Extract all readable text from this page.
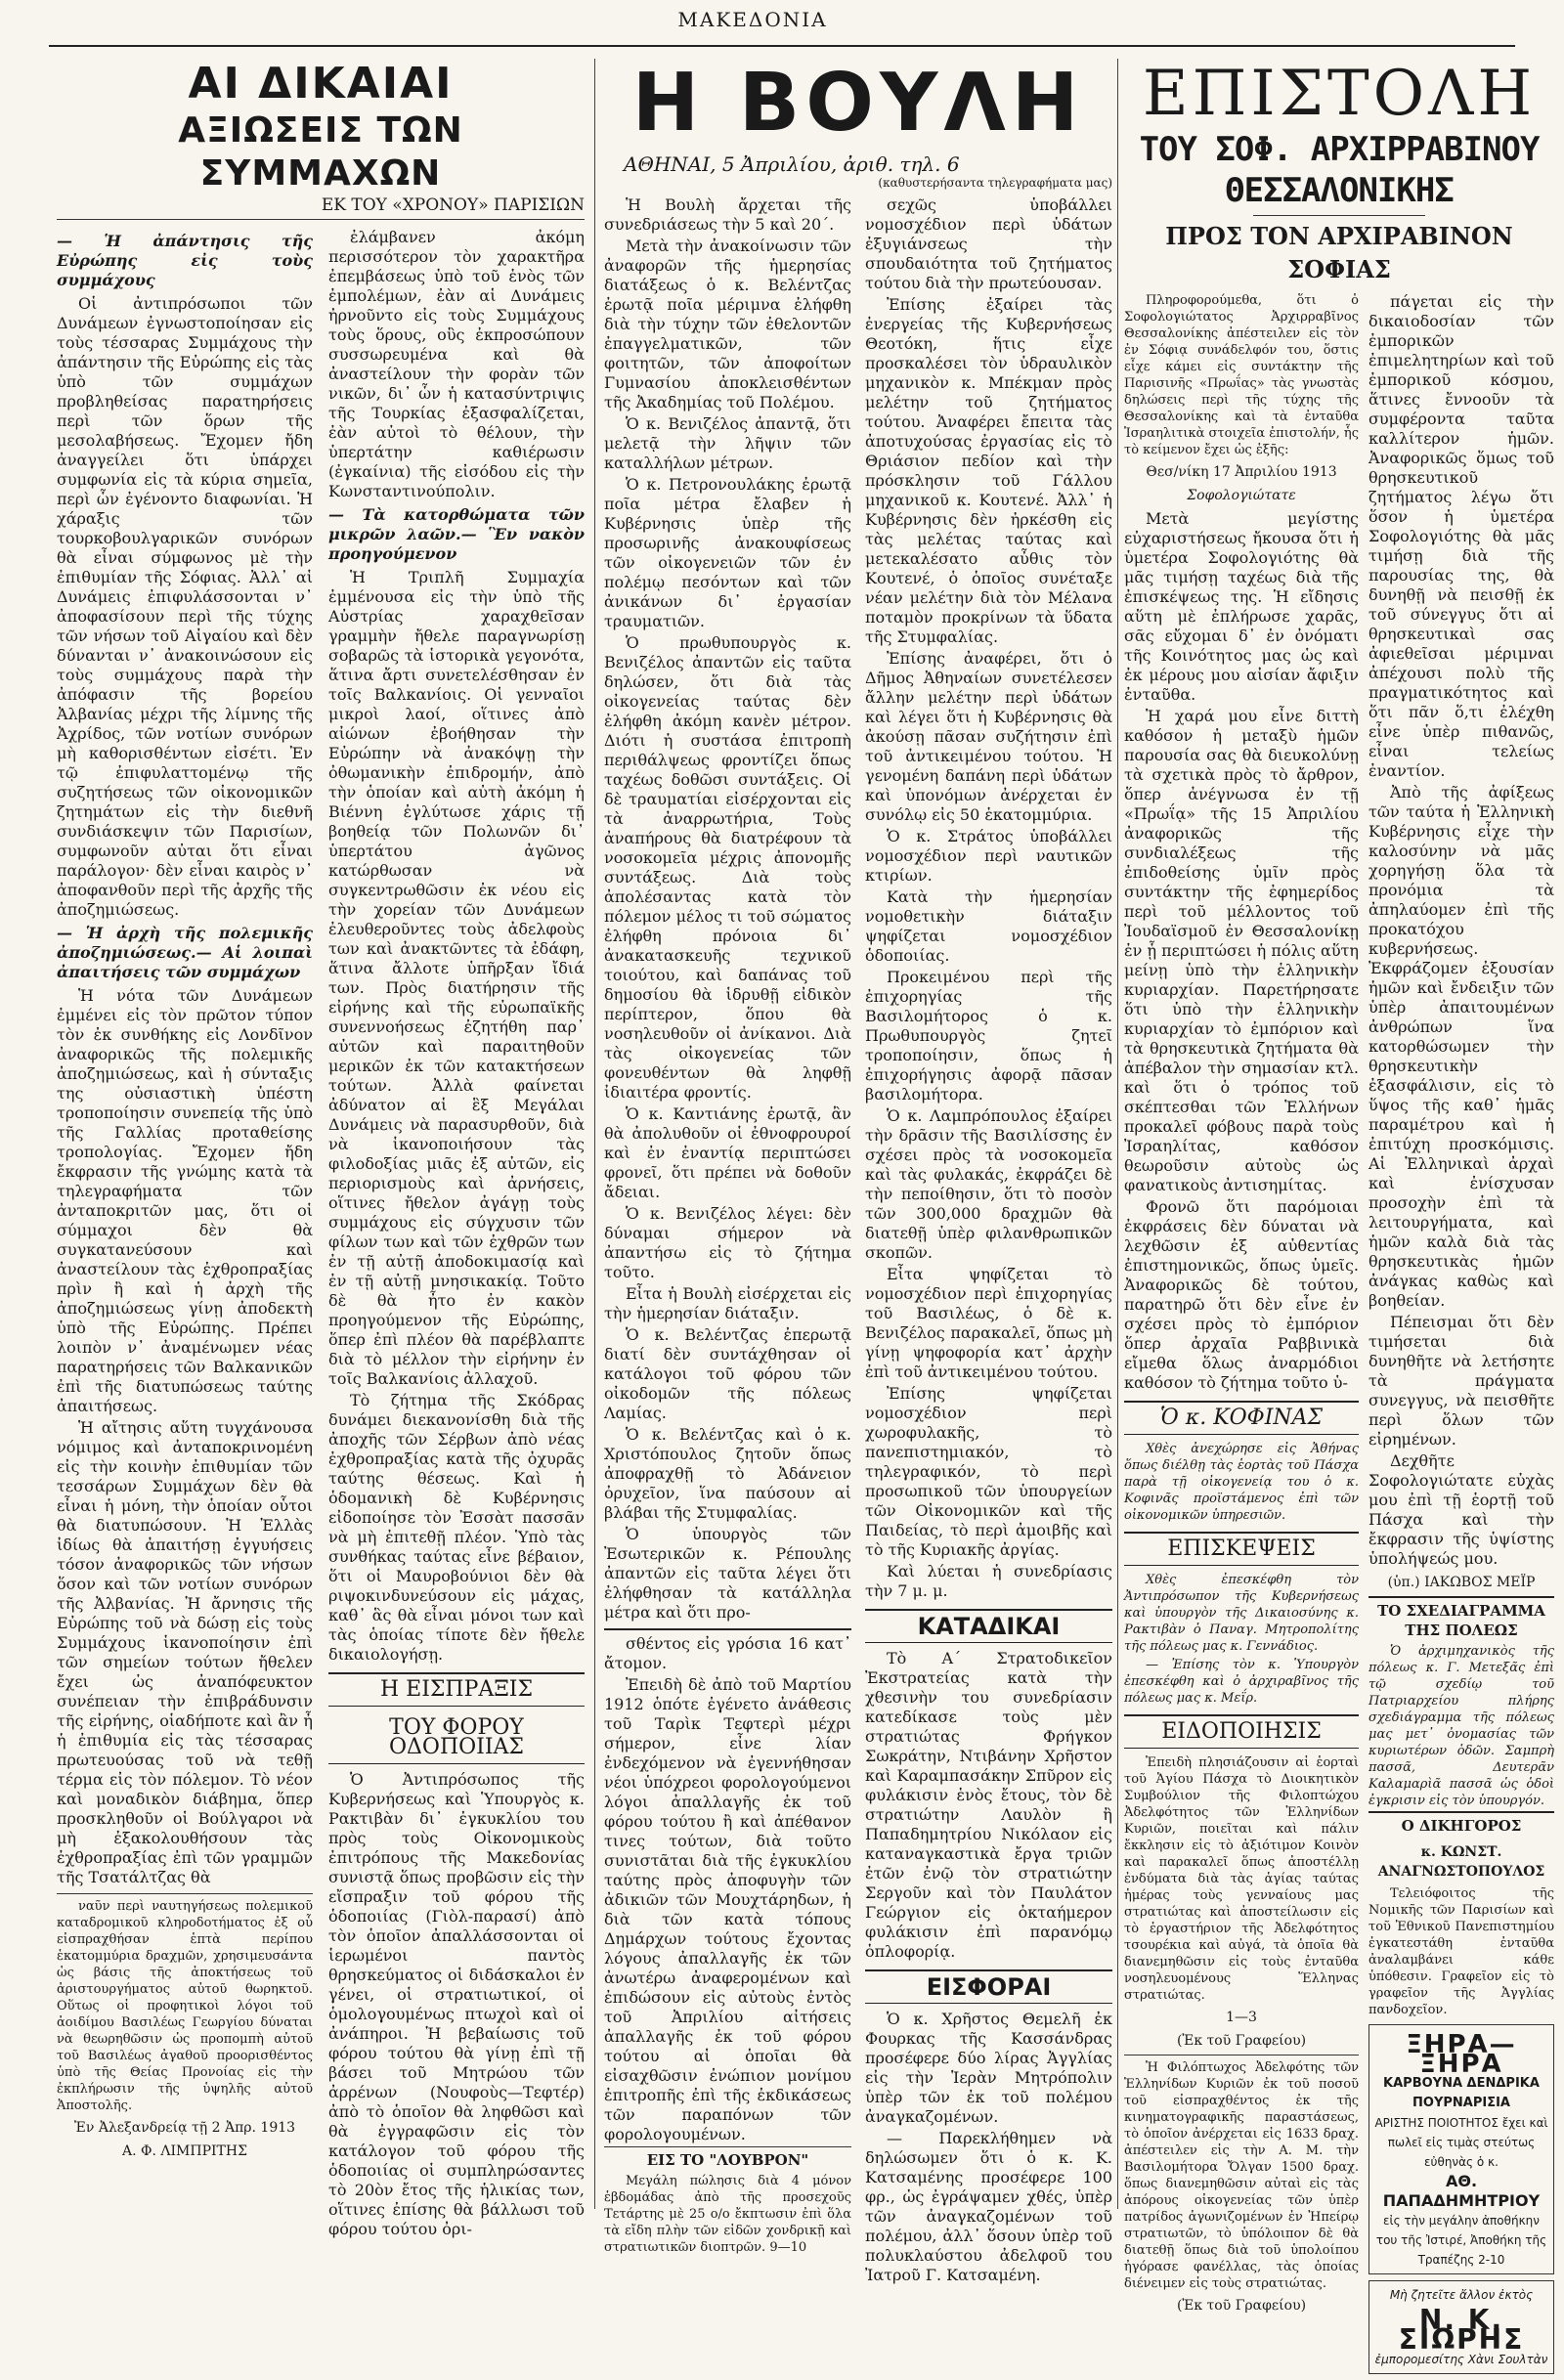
ΜΑΚΕΔΟΝΙΑ
ΑΙ ΔΙΚΑΙΑΙ
ΑΞΙΩΣΕΙΣ ΤΩΝ ΣΥΜΜΑΧΩΝ
ΕΚ ΤΟΥ «ΧΡΟΝΟΥ» ΠΑΡΙΣΙΩΝ
— Ἡ ἀπάντησις τῆς Εὐρώπης εἰς τοὺς συμμάχους

Οἱ ἀντιπρόσωποι τῶν Δυνάμεων ἐγνωστοποίησαν εἰς τοὺς τέσσαρας Συμμάχους τὴν ἀπάντησιν τῆς Εὐρώπης εἰς τὰς ὑπὸ τῶν συμμάχων προβληθείσας παρατηρήσεις περὶ τῶν ὅρων τῆς μεσολαβήσεως. Ἔχομεν ἤδη ἀναγγείλει ὅτι ὑπάρχει συμφωνία εἰς τὰ κύρια σημεῖα, περὶ ὧν ἐγένοντο διαφωνίαι. Ἡ χάραξις τῶν τουρκοβουλγαρικῶν συνόρων θὰ εἶναι σύμφωνος μὲ τὴν ἐπιθυμίαν τῆς Σόφιας. Ἀλλ᾽ αἱ Δυνάμεις ἐπιφυλάσσονται ν᾽ ἀποφασίσουν περὶ τῆς τύχης τῶν νήσων τοῦ Αἰγαίου καὶ δὲν δύνανται ν᾽ ἀνακοινώσουν εἰς τοὺς συμμάχους παρὰ τὴν ἀπόφασιν τῆς βορείου Ἀλβανίας μέχρι τῆς λίμνης τῆς Ἀχρίδος, τῶν νοτίων συνόρων μὴ καθορισθέντων εἰσέτι. Ἐν τῷ ἐπιφυλαττομένῳ τῆς συζητήσεως τῶν οἰκονομικῶν ζητημάτων εἰς τὴν διεθνῆ συνδιάσκεψιν τῶν Παρισίων, συμφωνοῦν αὐται ὅτι εἶναι παράλογον· δὲν εἶναι καιρὸς ν᾽ ἀποφανθοῦν περὶ τῆς ἀρχῆς τῆς ἀποζημιώσεως.

— Ἡ ἀρχὴ τῆς πολεμικῆς ἀποζημιώσεως.— Αἱ λοιπαὶ ἀπαιτήσεις τῶν συμμάχων

Ἡ νότα τῶν Δυνάμεων ἐμμένει εἰς τὸν πρῶτον τύπον τὸν ἐκ συνθήκης εἰς Λονδῖνον ἀναφορικῶς τῆς πολεμικῆς ἀποζημιώσεως, καὶ ἡ σύνταξις της οὐσιαστικὴ ὑπέστη τροποποίησιν συνεπείᾳ τῆς ὑπὸ τῆς Γαλλίας προταθείσης τροπολογίας. Ἔχομεν ἤδη ἔκφρασιν τῆς γνώμης κατὰ τὰ τηλεγραφήματα τῶν ἀνταποκριτῶν μας, ὅτι οἱ σύμμαχοι δὲν θὰ συγκατανεύσουν καὶ ἀναστείλουν τὰς ἐχθροπραξίας πρὶν ἢ καὶ ἡ ἀρχὴ τῆς ἀποζημιώσεως γίνῃ ἀποδεκτὴ ὑπὸ τῆς Εὐρώπης. Πρέπει λοιπὸν ν᾽ ἀναμένωμεν νέας παρατηρήσεις τῶν Βαλκανικῶν ἐπὶ τῆς διατυπώσεως ταύτης ἀπαιτήσεως.

Ἡ αἴτησις αὕτη τυγχάνουσα νόμιμος καὶ ἀνταποκρινομένη εἰς τὴν κοινὴν ἐπιθυμίαν τῶν τεσσάρων Συμμάχων δὲν θὰ εἶναι ἡ μόνη, τὴν ὁποίαν οὗτοι θὰ διατυπώσουν. Ἡ Ἑλλὰς ἰδίως θὰ ἀπαιτήσῃ ἐγγυήσεις τόσον ἀναφορικῶς τῶν νήσων ὅσον καὶ τῶν νοτίων συνόρων τῆς Ἀλβανίας. Ἡ ἄρνησις τῆς Εὐρώπης τοῦ νὰ δώσῃ εἰς τοὺς Συμμάχους ἱκανοποίησιν ἐπὶ τῶν σημείων τούτων ἤθελεν ἔχει ὡς ἀναπόφευκτον συνέπειαν τὴν ἐπιβράδυνσιν τῆς εἰρήνης, οἱαδήποτε καὶ ἂν ἦ ἡ ἐπιθυμία εἰς τὰς τέσσαρας πρωτευούσας τοῦ νὰ τεθῇ τέρμα εἰς τὸν πόλεμον. Τὸ νέον καὶ μοναδικὸν διάβημα, ὅπερ προσκληθοῦν οἱ Βούλγαροι νὰ μὴ ἐξακολουθήσουν τὰς ἐχθροπραξίας ἐπὶ τῶν γραμμῶν τῆς Τσατάλτζας θὰ

ναῦν περὶ ναυτηγήσεως πολεμικοῦ καταδρομικοῦ κληροδοτήματος ἐξ οὗ εἰσπραχθήσαν ἑπτὰ περίπου ἑκατομμύρια δραχμῶν, χρησιμευσάντα ὡς βάσις τῆς ἀποκτήσεως τοῦ ἀριστουργήματος αὐτοῦ θωρηκτοῦ. Οὕτως οἱ προφητικοὶ λόγοι τοῦ ἀοιδίμου Βασιλέως Γεωργίου δύναται νὰ θεωρηθῶσιν ὡς προπομπὴ αὐτοῦ τοῦ Βασιλέως ἀγαθοῦ προορισθέντος ὑπὸ τῆς Θείας Προνοίας εἰς τὴν ἐκπλήρωσιν τῆς ὑψηλῆς αὐτοῦ Ἀποστολῆς.

Ἐν Ἀλεξανδρείᾳ τῇ 2 Ἀπρ. 1913
Α. Φ. ΛΙΜΠΡΙΤΗΣ

ἐλάμβανεν ἀκόμη περισσότερον τὸν χαρακτῆρα ἐπεμβάσεως ὑπὸ τοῦ ἑνὸς τῶν ἐμπολέμων, ἐὰν αἱ Δυνάμεις ἠρνοῦντο εἰς τοὺς Συμμάχους τοὺς ὅρους, οὓς ἐκπροσώπουν συσσωρευμένα καὶ θὰ ἀναστείλουν τὴν φορὰν τῶν νικῶν, δι᾽ ὧν ἡ κατασύντριψις τῆς Τουρκίας ἐξασφαλίζεται, ἐὰν αὐτοὶ τὸ θέλουν, τὴν ὑπερτάτην καθιέρωσιν (ἐγκαίνια) τῆς εἰσόδου εἰς τὴν Κωνσταντινούπολιν.

— Τὰ κατορθώματα τῶν μικρῶν λαῶν.— Ἓν νακὸν προηγούμενον

Ἡ Τριπλῆ Συμμαχία ἐμμένουσα εἰς τὴν ὑπὸ τῆς Αὐστρίας χαραχθεῖσαν γραμμὴν ἤθελε παραγνωρίσῃ σοβαρῶς τὰ ἱστορικὰ γεγονότα, ἅτινα ἄρτι συνετελέσθησαν ἐν τοῖς Βαλκανίοις. Οἱ γενναῖοι μικροὶ λαοί, οἵτινες ἀπὸ αἰώνων ἐβοήθησαν τὴν Εὐρώπην νὰ ἀνακόψῃ τὴν ὀθωμανικὴν ἐπιδρομήν, ἀπὸ τὴν ὁποίαν καὶ αὐτὴ ἀκόμη ἡ Βιέννη ἐγλύτωσε χάρις τῇ βοηθείᾳ τῶν Πολωνῶν δι᾽ ὑπερτάτου ἀγῶνος κατώρθωσαν νὰ συγκεντρωθῶσιν ἐκ νέου εἰς τὴν χορείαν τῶν Δυνάμεων ἐλευθεροῦντες τοὺς ἀδελφοὺς των καὶ ἀνακτῶντες τὰ ἐδάφη, ἅτινα ἄλλοτε ὑπῆρξαν ἴδιά των. Πρὸς διατήρησιν τῆς εἰρήνης καὶ τῆς εὐρωπαϊκῆς συνεννοήσεως ἐζητήθη παρ᾽ αὐτῶν καὶ παραιτηθοῦν μερικῶν ἐκ τῶν κατακτήσεων τούτων. Ἀλλὰ φαίνεται ἀδύνατον αἱ ἓξ Μεγάλαι Δυνάμεις νὰ παρασυρθοῦν, διὰ νὰ ἱκανοποιήσουν τὰς φιλοδοξίας μιᾶς ἐξ αὐτῶν, εἰς περιορισμοὺς καὶ ἀρνήσεις, οἵτινες ἤθελον ἀγάγῃ τοὺς συμμάχους εἰς σύγχυσιν τῶν φίλων των καὶ τῶν ἐχθρῶν των ἐν τῇ αὐτῇ ἀποδοκιμασίᾳ καὶ ἐν τῇ αὐτῇ μνησικακίᾳ. Τοῦτο δὲ θὰ ἦτο ἐν κακὸν προηγούμενον τῆς Εὐρώπης, ὅπερ ἐπὶ πλέον θὰ παρέβλαπτε διὰ τὸ μέλλον τὴν εἰρήνην ἐν τοῖς Βαλκανίοις ἀλλαχοῦ.

Τὸ ζήτημα τῆς Σκόδρας δυνάμει διεκανονίσθη διὰ τῆς ἀποχῆς τῶν Σέρβων ἀπὸ νέας ἐχθροπραξίας κατὰ τῆς ὀχυρᾶς ταύτης θέσεως. Καὶ ἡ ὁδομανικὴ δὲ Κυβέρνησις εἰδοποίησε τὸν Ἐσσὰτ πασσᾶν νὰ μὴ ἐπιτεθῇ πλέον. Ὑπὸ τὰς συνθήκας ταύτας εἶνε βέβαιον, ὅτι οἱ Μαυροβούνιοι δὲν θὰ ριψοκινδυνεύσουν εἰς μάχας, καθ᾽ ἃς θὰ εἶναι μόνοι των καὶ τὰς ὁποίας τίποτε δὲν ἤθελε δικαιολογήσῃ.

Η ΕΙΣΠΡΑΞΙΣ
ΤΟΥ ΦΟΡΟΥ ΟΔΟΠΟΙΙΑΣ

Ὁ Ἀντιπρόσωπος τῆς Κυβερνήσεως καὶ Ὑπουργὸς κ. Ρακτιβὰν δι᾽ ἐγκυκλίου του πρὸς τοὺς Οἰκονομικοὺς ἐπιτρόπους τῆς Μακεδονίας συνιστᾷ ὅπως προβῶσιν εἰς τὴν εἴσπραξιν τοῦ φόρου τῆς ὁδοποιίας (Γιὸλ-παρασί) ἀπὸ τὸν ὁποῖον ἀπαλλάσσονται οἱ ἱερωμένοι παντὸς θρησκεύματος οἱ διδάσκαλοι ἐν γένει, οἱ στρατιωτικοί, οἱ ὁμολογουμένως πτωχοὶ καὶ οἱ ἀνάπηροι. Ἡ βεβαίωσις τοῦ φόρου τούτου θὰ γίνῃ ἐπὶ τῇ βάσει τοῦ Μητρώου τῶν ἀρρένων (Νουφοὺς—Τεφτέρ) ἀπὸ τὸ ὁποῖον θὰ ληφθῶσι καὶ θὰ ἐγγραφῶσιν εἰς τὸν κατάλογον τοῦ φόρου τῆς ὁδοποιίας οἱ συμπληρώσαντες τὸ 20ὸν ἔτος τῆς ἡλικίας των, οἵτινες ἐπίσης θὰ βάλλωσι τοῦ φόρου τούτου ὀρι-

Η ΒΟΥΛΗ
ΑΘΗΝΑΙ, 5 Ἀπριλίου, ἀριθ. τηλ. 6
(καθυστερήσαντα τηλεγραφήματα μας)

Ἡ Βουλὴ ἄρχεται τῆς συνεδριάσεως τὴν 5 καὶ 20΄.

Μετὰ τὴν ἀνακοίνωσιν τῶν ἀναφορῶν τῆς ἡμερησίας διατάξεως ὁ κ. Βελέντζας ἐρωτᾷ ποῖα μέριμνα ἐλήφθη διὰ τὴν τύχην τῶν ἐθελοντῶν ἐπαγγελματικῶν, τῶν φοιτητῶν, τῶν ἀποφοίτων Γυμνασίου ἀποκλεισθέντων τῆς Ἀκαδημίας τοῦ Πολέμου.

Ὁ κ. Βενιζέλος ἀπαντᾷ, ὅτι μελετᾷ τὴν λῆψιν τῶν καταλλήλων μέτρων.

Ὁ κ. Πετρονουλάκης ἐρωτᾷ ποῖα μέτρα ἔλαβεν ἡ Κυβέρνησις ὑπὲρ τῆς προσωρινῆς ἀνακουφίσεως τῶν οἰκογενειῶν τῶν ἐν πολέμῳ πεσόντων καὶ τῶν ἀνικάνων δι᾽ ἐργασίαν τραυματιῶν.

Ὁ πρωθυπουργὸς κ. Βενιζέλος ἀπαντῶν εἰς ταῦτα δηλώσεν, ὅτι διὰ τὰς οἰκογενείας ταύτας δὲν ἐλήφθη ἀκόμη κανὲν μέτρον. Διότι ἡ συστάσα ἐπιτροπὴ περιθάλψεως φροντίζει ὅπως ταχέως δοθῶσι συντάξεις. Οἱ δὲ τραυματίαι εἰσέρχονται εἰς τὰ ἀναρρωτήρια, Τοὺς ἀναπήρους θὰ διατρέφουν τὰ νοσοκομεῖα μέχρις ἀπονομῆς συντάξεως. Διὰ τοὺς ἀπολέσαντας κατὰ τὸν πόλεμον μέλος τι τοῦ σώματος ἐλήφθη πρόνοια δι᾽ ἀνακατασκευῆς τεχνικοῦ τοιούτου, καὶ δαπάνας τοῦ δημοσίου θὰ ἱδρυθῇ εἰδικὸν περίπτερον, ὅπου θὰ νοσηλευθοῦν οἱ ἀνίκανοι. Διὰ τὰς οἰκογενείας τῶν φονευθέντων θὰ ληφθῇ ἰδιαιτέρα φροντίς.

Ὁ κ. Καντιάνης ἐρωτᾷ, ἂν θὰ ἀπολυθοῦν οἱ ἐθνοφρουροί καὶ ἐν ἐναντίᾳ περιπτώσει φρονεῖ, ὅτι πρέπει νὰ δοθοῦν ἄδειαι.

Ὁ κ. Βενιζέλος λέγει: δὲν δύναμαι σήμερον νὰ ἀπαντήσω εἰς τὸ ζήτημα τοῦτο.

Εἶτα ἡ Βουλὴ εἰσέρχεται εἰς τὴν ἡμερησίαν διάταξιν.

Ὁ κ. Βελέντζας ἐπερωτᾷ διατί δὲν συντάχθησαν οἱ κατάλογοι τοῦ φόρου τῶν οἰκοδομῶν τῆς πόλεως Λαμίας.

Ὁ κ. Βελέντζας καὶ ὁ κ. Χριστόπουλος ζητοῦν ὅπως ἀποφραχθῇ τὸ Ἀδάνειον ὀρυχεῖον, ἵνα παύσουν αἱ βλάβαι τῆς Στυμφαλίας.

Ὁ ὑπουργὸς τῶν Ἐσωτερικῶν κ. Ρέπουλης ἀπαντῶν εἰς ταῦτα λέγει ὅτι ἐλήφθησαν τὰ κατάλληλα μέτρα καὶ ὅτι προ-

σθέντος εἰς γρόσια 16 κατ᾽ ἄτομον.

Ἐπειδὴ δὲ ἀπὸ τοῦ Μαρτίου 1912 ὁπότε ἐγένετο ἀνάθεσις τοῦ Ταρὶκ Τεφτερὶ μέχρι σήμερον, εἶνε λίαν ἐνδεχόμενον νὰ ἐγεννήθησαν νέοι ὑπόχρεοι φορολογούμενοι λόγοι ἀπαλλαγῆς ἐκ τοῦ φόρου τούτου ἢ καὶ ἀπέθανον τινες τούτων, διὰ τοῦτο συνιστᾶται διὰ τῆς ἐγκυκλίου ταύτης πρὸς ἀποφυγὴν τῶν ἀδικιῶν τῶν Μουχτάρηδων, ἡ διὰ τῶν κατὰ τόπους Δημάρχων τούτους ἔχοντας λόγους ἀπαλλαγῆς ἐκ τῶν ἀνωτέρω ἀναφερομένων καὶ ἐπιδώσουν εἰς αὐτοὺς ἐντὸς τοῦ Ἀπριλίου αἰτήσεις ἀπαλλαγῆς ἐκ τοῦ φόρου τούτου αἱ ὁποῖαι θὰ εἰσαχθῶσιν ἐνώπιον μονίμου ἐπιτροπῆς ἐπὶ τῆς ἐκδικάσεως τῶν παραπόνων τῶν φορολογουμένων.

ΕΙΣ ΤΟ "ΛΟΥΒΡΟΝ"

Μεγάλη πώλησις διὰ 4 μόνον ἑβδομάδας ἀπὸ τῆς προσεχοῦς Τετάρτης μὲ 25 ο/ο ἔκπτωσιν ἐπὶ ὅλα τὰ εἴδη πλὴν τῶν εἰδῶν χονδρικῇ καὶ στρατιωτικῶν διοπτρῶν. 9—10

σεχῶς ὑποβάλλει νομοσχέδιον περὶ ὑδάτων ἐξυγιάνσεως τὴν σπουδαιότητα τοῦ ζητήματος τούτου διὰ τὴν πρωτεύουσαν.

Ἐπίσης ἐξαίρει τὰς ἐνεργείας τῆς Κυβερνήσεως Θεοτόκη, ἥτις εἶχε προσκαλέσει τὸν ὑδραυλικὸν μηχανικὸν κ. Μπέκμαν πρὸς μελέτην τοῦ ζητήματος τούτου. Ἀναφέρει ἔπειτα τὰς ἀποτυχούσας ἐργασίας εἰς τὸ Θριάσιον πεδίον καὶ τὴν πρόσκλησιν τοῦ Γάλλου μηχανικοῦ κ. Κουτενέ. Ἀλλ᾽ ἡ Κυβέρνησις δὲν ἠρκέσθη εἰς τὰς μελέτας ταύτας καὶ μετεκαλέσατο αὖθις τὸν Κουτενέ, ὁ ὁποῖος συνέταξε νέαν μελέτην διὰ τὸν Μέλανα ποταμὸν προκρίνων τὰ ὕδατα τῆς Στυμφαλίας.

Ἐπίσης ἀναφέρει, ὅτι ὁ Δῆμος Ἀθηναίων συνετέλεσεν ἄλλην μελέτην περὶ ὑδάτων καὶ λέγει ὅτι ἡ Κυβέρνησις θὰ ἀκούσῃ πᾶσαν συζήτησιν ἐπὶ τοῦ ἀντικειμένου τούτου. Ἡ γενομένη δαπάνη περὶ ὑδάτων καὶ ὑπονόμων ἀνέρχεται ἐν συνόλῳ εἰς 50 ἑκατομμύρια.

Ὁ κ. Στράτος ὑποβάλλει νομοσχέδιον περὶ ναυτικῶν κτιρίων.

Κατὰ τὴν ἡμερησίαν νομοθετικὴν διάταξιν ψηφίζεται νομοσχέδιον ὁδοποιίας.

Προκειμένου περὶ τῆς ἐπιχορηγίας τῆς Βασιλομήτορος ὁ κ. Πρωθυπουργὸς ζητεῖ τροποποίησιν, ὅπως ἡ ἐπιχορήγησις ἀφορᾷ πᾶσαν βασιλομήτορα.

Ὁ κ. Λαμπρόπουλος ἐξαίρει τὴν δρᾶσιν τῆς Βασιλίσσης ἐν σχέσει πρὸς τὰ νοσοκομεῖα καὶ τὰς φυλακάς, ἐκφράζει δὲ τὴν πεποίθησιν, ὅτι τὸ ποσὸν τῶν 300,000 δραχμῶν θὰ διατεθῇ ὑπὲρ φιλανθρωπικῶν σκοπῶν.

Εἶτα ψηφίζεται τὸ νομοσχέδιον περὶ ἐπιχορηγίας τοῦ Βασιλέως, ὁ δὲ κ. Βενιζέλος παρακαλεῖ, ὅπως μὴ γίνῃ ψηφοφορία κατ᾽ ἀρχὴν ἐπὶ τοῦ ἀντικειμένου τούτου.

Ἐπίσης ψηφίζεται νομοσχέδιον περὶ χωροφυλακῆς, τὸ πανεπιστημιακόν, τὸ τηλεγραφικόν, τὸ περὶ προσωπικοῦ τῶν ὑπουργείων τῶν Οἰκονομικῶν καὶ τῆς Παιδείας, τὸ περὶ ἀμοιβῆς καὶ τὸ τῆς Κυριακῆς ἀργίας.

Καὶ λύεται ἡ συνεδρίασις τὴν 7 μ. μ.

ΚΑΤΑΔΙΚΑΙ

Τὸ Α΄ Στρατοδικεῖον Ἐκστρατείας κατὰ τὴν χθεσινὴν του συνεδρίασιν κατεδίκασε τοὺς μὲν στρατιώτας Φρήγκον Σωκράτην, Ντιβάνην Χρῆστον καὶ Καραμπασάκην Σπῦρον εἰς φυλάκισιν ἑνὸς ἔτους, τὸν δὲ στρατιώτην Λαυλὸν ἢ Παπαδημητρίου Νικόλαον εἰς καταναγκαστικὰ ἔργα τριῶν ἐτῶν ἐνῷ τὸν στρατιώτην Σεργοῦν καὶ τὸν Παυλάτον Γεώργιον εἰς ὀκταήμερον φυλάκισιν ἐπὶ παρανόμῳ ὁπλοφορίᾳ.

ΕΙΣΦΟΡΑΙ

Ὁ κ. Χρῆστος Θεμελῆ ἐκ Φουρκας τῆς Κασσάνδρας προσέφερε δύο λίρας Ἀγγλίας εἰς τὴν Ἱερὰν Μητρόπολιν ὑπὲρ τῶν ἐκ τοῦ πολέμου ἀναγκαζομένων.

— Παρεκλήθημεν νὰ δηλώσωμεν ὅτι ὁ κ. Κ. Κατσαμένης προσέφερε 100 φρ., ὡς ἐγράψαμεν χθές, ὑπὲρ τῶν ἀναγκαζομένων τοῦ πολέμου, ἀλλ᾽ ὅσουν ὑπὲρ τοῦ πολυκλαύστου ἀδελφοῦ του Ἰατροῦ Γ. Κατσαμένη.

ΕΠΙΣΤΟΛΗ
ΤΟΥ ΣΟΦ. ΑΡΧΙΡΡΑΒΙΝΟΥ ΘΕΣΣΑΛΟΝΙΚΗΣ
ΠΡΟΣ ΤΟΝ ΑΡΧΙΡΑΒΙΝΟΝ ΣΟΦΙΑΣ

Πληροφορούμεθα, ὅτι ὁ Σοφολογιώτατος Ἀρχιρραβῖνος Θεσσαλονίκης ἀπέστειλεν εἰς τὸν ἐν Σόφιᾳ συνάδελφόν του, ὅστις εἶχε κάμει εἰς συντάκτην τῆς Παρισινῆς «Πρωΐας» τὰς γνωστὰς δηλώσεις περὶ τῆς τύχης τῆς Θεσσαλονίκης καὶ τὰ ἐνταῦθα Ἰσραηλιτικὰ στοιχεῖα ἐπιστολήν, ἧς τὸ κείμενον ἔχει ὡς ἑξῆς:

Θεσ/νίκη 17 Ἀπριλίου 1913
Σοφολογιώτατε

Μετὰ μεγίστης εὐχαριστήσεως ἤκουσα ὅτι ἡ ὑμετέρα Σοφολογιότης θὰ μᾶς τιμήσῃ ταχέως διὰ τῆς ἐπισκέψεως της. Ἡ εἴδησις αὕτη μὲ ἐπλήρωσε χαρᾶς, σᾶς εὔχομαι δ᾽ ἐν ὀνόματι τῆς Κοινότητος μας ὡς καὶ ἐκ μέρους μου αἰσίαν ἄφιξιν ἐνταῦθα.

Ἡ χαρά μου εἶνε διττὴ καθόσον ἡ μεταξὺ ἡμῶν παρουσία σας θὰ διευκολύνῃ τὰ σχετικὰ πρὸς τὸ ἄρθρον, ὅπερ ἀνέγνωσα ἐν τῇ «Πρωΐᾳ» τῆς 15 Ἀπριλίου ἀναφορικῶς τῆς συνδιαλέξεως τῆς ἐπιδοθείσης ὑμῖν πρὸς συντάκτην τῆς ἐφημερίδος περὶ τοῦ μέλλοντος τοῦ Ἰουδαϊσμοῦ ἐν Θεσσαλονίκῃ ἐν ᾗ περιπτώσει ἡ πόλις αὕτη μείνῃ ὑπὸ τὴν ἑλληνικὴν κυριαρχίαν. Παρετήρησατε ὅτι ὑπὸ τὴν ἑλληνικὴν κυριαρχίαν τὸ ἐμπόριον καὶ τὰ θρησκευτικὰ ζητήματα θὰ ἀπέβαλον τὴν σημασίαν κτλ. καὶ ὅτι ὁ τρόπος τοῦ σκέπτεσθαι τῶν Ἑλλήνων προκαλεῖ φόβους παρὰ τοὺς Ἰσραηλίτας, καθόσον θεωροῦσιν αὐτοὺς ὡς φανατικοὺς ἀντισημίτας.

Φρονῶ ὅτι παρόμοιαι ἐκφράσεις δὲν δύναται νὰ λεχθῶσιν ἐξ αὐθεντίας ἐπιστημονικῶς, ὅπως ὑμεῖς. Ἀναφορικῶς δὲ τούτου, παρατηρῶ ὅτι δὲν εἶνε ἐν σχέσει πρὸς τὸ ἐμπόριον ὅπερ ἀρχαῖα Ραββινικὰ εἴμεθα ὅλως ἀναρμόδιοι καθόσον τὸ ζήτημα τοῦτο ὑ-

Ὁ κ. ΚΟΦΙΝΑΣ

Χθὲς ἀνεχώρησε εἰς Ἀθήνας ὅπως διέλθῃ τὰς ἑορτὰς τοῦ Πάσχα παρὰ τῇ οἰκογενείᾳ του ὁ κ. Κοφινᾶς προϊστάμενος ἐπὶ τῶν οἰκονομικῶν ὑπηρεσιῶν.

ΕΠΙΣΚΕΨΕΙΣ

Χθὲς ἐπεσκέφθη τὸν Ἀντιπρόσωπον τῆς Κυβερνήσεως καὶ ὑπουργὸν τῆς Δικαιοσύνης κ. Ρακτιβὰν ὁ Παναγ. Μητροπολίτης τῆς πόλεως μας κ. Γεννάδιος.

— Ἐπίσης τὸν κ. Ὑπουργὸν ἐπεσκέφθη καὶ ὁ ἀρχιραβῖνος τῆς πόλεως μας κ. Μεΐρ.

ΕΙΔΟΠΟΙΗΣΙΣ

Ἐπειδὴ πλησιάζουσιν αἱ ἑορταὶ τοῦ Ἁγίου Πάσχα τὸ Διοικητικὸν Συμβούλιον τῆς Φιλοπτώχου Ἀδελφότητος τῶν Ἑλληνίδων Κυριῶν, ποιεῖται καὶ πάλιν ἔκκλησιν εἰς τὸ ἀξιότιμον Κοινὸν καὶ παρακαλεῖ ὅπως ἀποστέλλῃ ἐνδύματα διὰ τὰς ἁγίας ταύτας ἡμέρας τοὺς γενναίους μας στρατιώτας καὶ ἀποστείλωσιν εἰς τὸ ἐργαστήριον τῆς Ἀδελφότητος τσουρέκια καὶ αὐγά, τὰ ὁποῖα θὰ διανεμηθῶσιν εἰς τοὺς ἐνταῦθα νοσηλευομένους Ἕλληνας στρατιώτας.

1—3
(Ἐκ τοῦ Γραφείου)

Ἡ Φιλόπτωχος Ἀδελφότης τῶν Ἑλληνίδων Κυριῶν ἐκ τοῦ ποσοῦ τοῦ εἰσπραχθέντος ἐκ τῆς κινηματογραφικῆς παραστάσεως, τὸ ὁποῖον ἀνέρχεται εἰς 1633 δραχ. ἀπέστειλεν εἰς τὴν Α. Μ. τὴν Βασιλομήτορα Ὄλγαν 1500 δραχ. ὅπως διανεμηθῶσιν αὐταὶ εἰς τὰς ἀπόρους οἰκογενείας τῶν ὑπὲρ πατρίδος ἀγωνιζομένων ἐν Ἠπείρῳ στρατιωτῶν, τὸ ὑπόλοιπον δὲ θὰ διατεθῇ ὅπως διὰ τοῦ ὑπολοίπου ἠγόρασε φανέλλας, τὰς ὁποίας διένειμεν εἰς τοὺς στρατιώτας.

(Ἐκ τοῦ Γραφείου)

πάγεται εἰς τὴν δικαιοδοσίαν τῶν ἐμπορικῶν ἐπιμελητηρίων καὶ τοῦ ἐμπορικοῦ κόσμου, ἅτινες ἔννοοῦν τὰ συμφέροντα ταῦτα καλλίτερον ἡμῶν. Ἀναφορικῶς ὅμως τοῦ θρησκευτικοῦ ζητήματος λέγω ὅτι ὅσον ἡ ὑμετέρα Σοφολογιότης θὰ μᾶς τιμήσῃ διὰ τῆς παρουσίας της, θὰ δυνηθῇ νὰ πεισθῇ ἐκ τοῦ σύνεγγυς ὅτι αἱ θρησκευτικαὶ σας ἀφιεθεῖσαι μέριμναι ἀπέχουσι πολὺ τῆς πραγματικότητος καὶ ὅτι πᾶν ὅ,τι ἐλέχθη εἶνε ὑπὲρ πιθανῶς, εἶναι τελείως ἐναντίον.

Ἀπὸ τῆς ἀφίξεως τῶν ταύτα ἡ Ἑλληνικὴ Κυβέρνησις εἶχε τὴν καλοσύνην νὰ μᾶς χορηγήσῃ ὅλα τὰ προνόμια τὰ ἀπηλαύομεν ἐπὶ τῆς προκατόχου κυβερνήσεως. Ἐκφράζομεν ἐξουσίαν ἡμῶν καὶ ἔνδειξιν τῶν ὑπὲρ ἀπαιτουμένων ἀνθρώπων ἵνα κατορθώσωμεν τὴν θρησκευτικὴν ἐξασφάλισιν, εἰς τὸ ὕψος τῆς καθ᾽ ἡμᾶς παραμέτρου καὶ ἡ ἐπιτύχη προσκόμισις. Αἱ Ἑλληνικαὶ ἀρχαὶ καὶ ἐνίσχυσαν προσοχὴν ἐπὶ τὰ λειτουργήματα, καὶ ἡμῶν καλὰ διὰ τὰς θρησκευτικὰς ἡμῶν ἀνάγκας καθὼς καὶ βοηθείαν.

Πέπεισμαι ὅτι δὲν τιμήσεται διὰ δυνηθῆτε νὰ λετήσητε τὰ πράγματα συνεγγυς, νὰ πεισθῆτε περὶ ὅλων τῶν εἰρημένων.

Δεχθῆτε Σοφολογιώτατε εὐχὰς μου ἐπὶ τῇ ἑορτῇ τοῦ Πάσχα καὶ τὴν ἔκφρασιν τῆς ὑψίστης ὑπολήψεώς μου.

(ὑπ.) ΙΑΚΩΒΟΣ ΜΕΪΡ
ΤΟ ΣΧΕΔΙΑΓΡΑΜΜΑ ΤΗΣ ΠΟΛΕΩΣ

Ὁ ἀρχιμηχανικὸς τῆς πόλεως κ. Γ. Μετεξᾶς ἐπὶ τῷ σχεδίῳ τοῦ Πατριαρχείου πλήρης σχεδιάγραμμα τῆς πόλεως μας μετ᾽ ὀνομασίας τῶν κυριωτέρων ὁδῶν. Σαμπρὴ πασσᾶ, Δευτερᾶν Καλαμαρὶᾶ πασσᾶ ὡς ὁδοὶ ἐγκρισιν εἰς τὸν ὑπουργόν.

Ο ΔΙΚΗΓΟΡΟΣ
κ. ΚΩΝΣΤ. ΑΝΑΓΝΩΣΤΟΠΟΥΛΟΣ

Τελειόφοιτος τῆς Νομικῆς τῶν Παρισίων καὶ τοῦ Ἐθνικοῦ Πανεπιστημίου ἐγκατεστάθη ἐνταῦθα ἀναλαμβάνει κάθε ὑπόθεσιν. Γραφεῖον εἰς τὸ γραφεῖον τῆς Ἀγγλίας πανδοχεῖον.

ΞΗΡΑ—ΞΗΡΑ
ΚΑΡΒΟΥΝΑ ΔΕΝΔΡΙΚΑ ΠΟΥΡΝΑΡΙΣΙΑ
ΑΡΙΣΤΗΣ ΠΟΙΟΤΗΤΟΣ ἔχει καὶ πωλεῖ εἰς τιμὰς στεύτως εὐθηνὰς ὁ κ.
ΑΘ. ΠΑΠΑΔΗΜΗΤΡΙΟΥ
εἰς τὴν μεγάλην ἀποθήκην του τῆς Ἰστιρέ, Ἀποθήκη τῆς Τραπέζης 2-10
Μὴ ζητεῖτε ἄλλον ἐκτὸς
Ν. Κ. ΣΙΩΡΗΣ
ἐμπορομεσίτης Χὰνι Σουλτὰν
